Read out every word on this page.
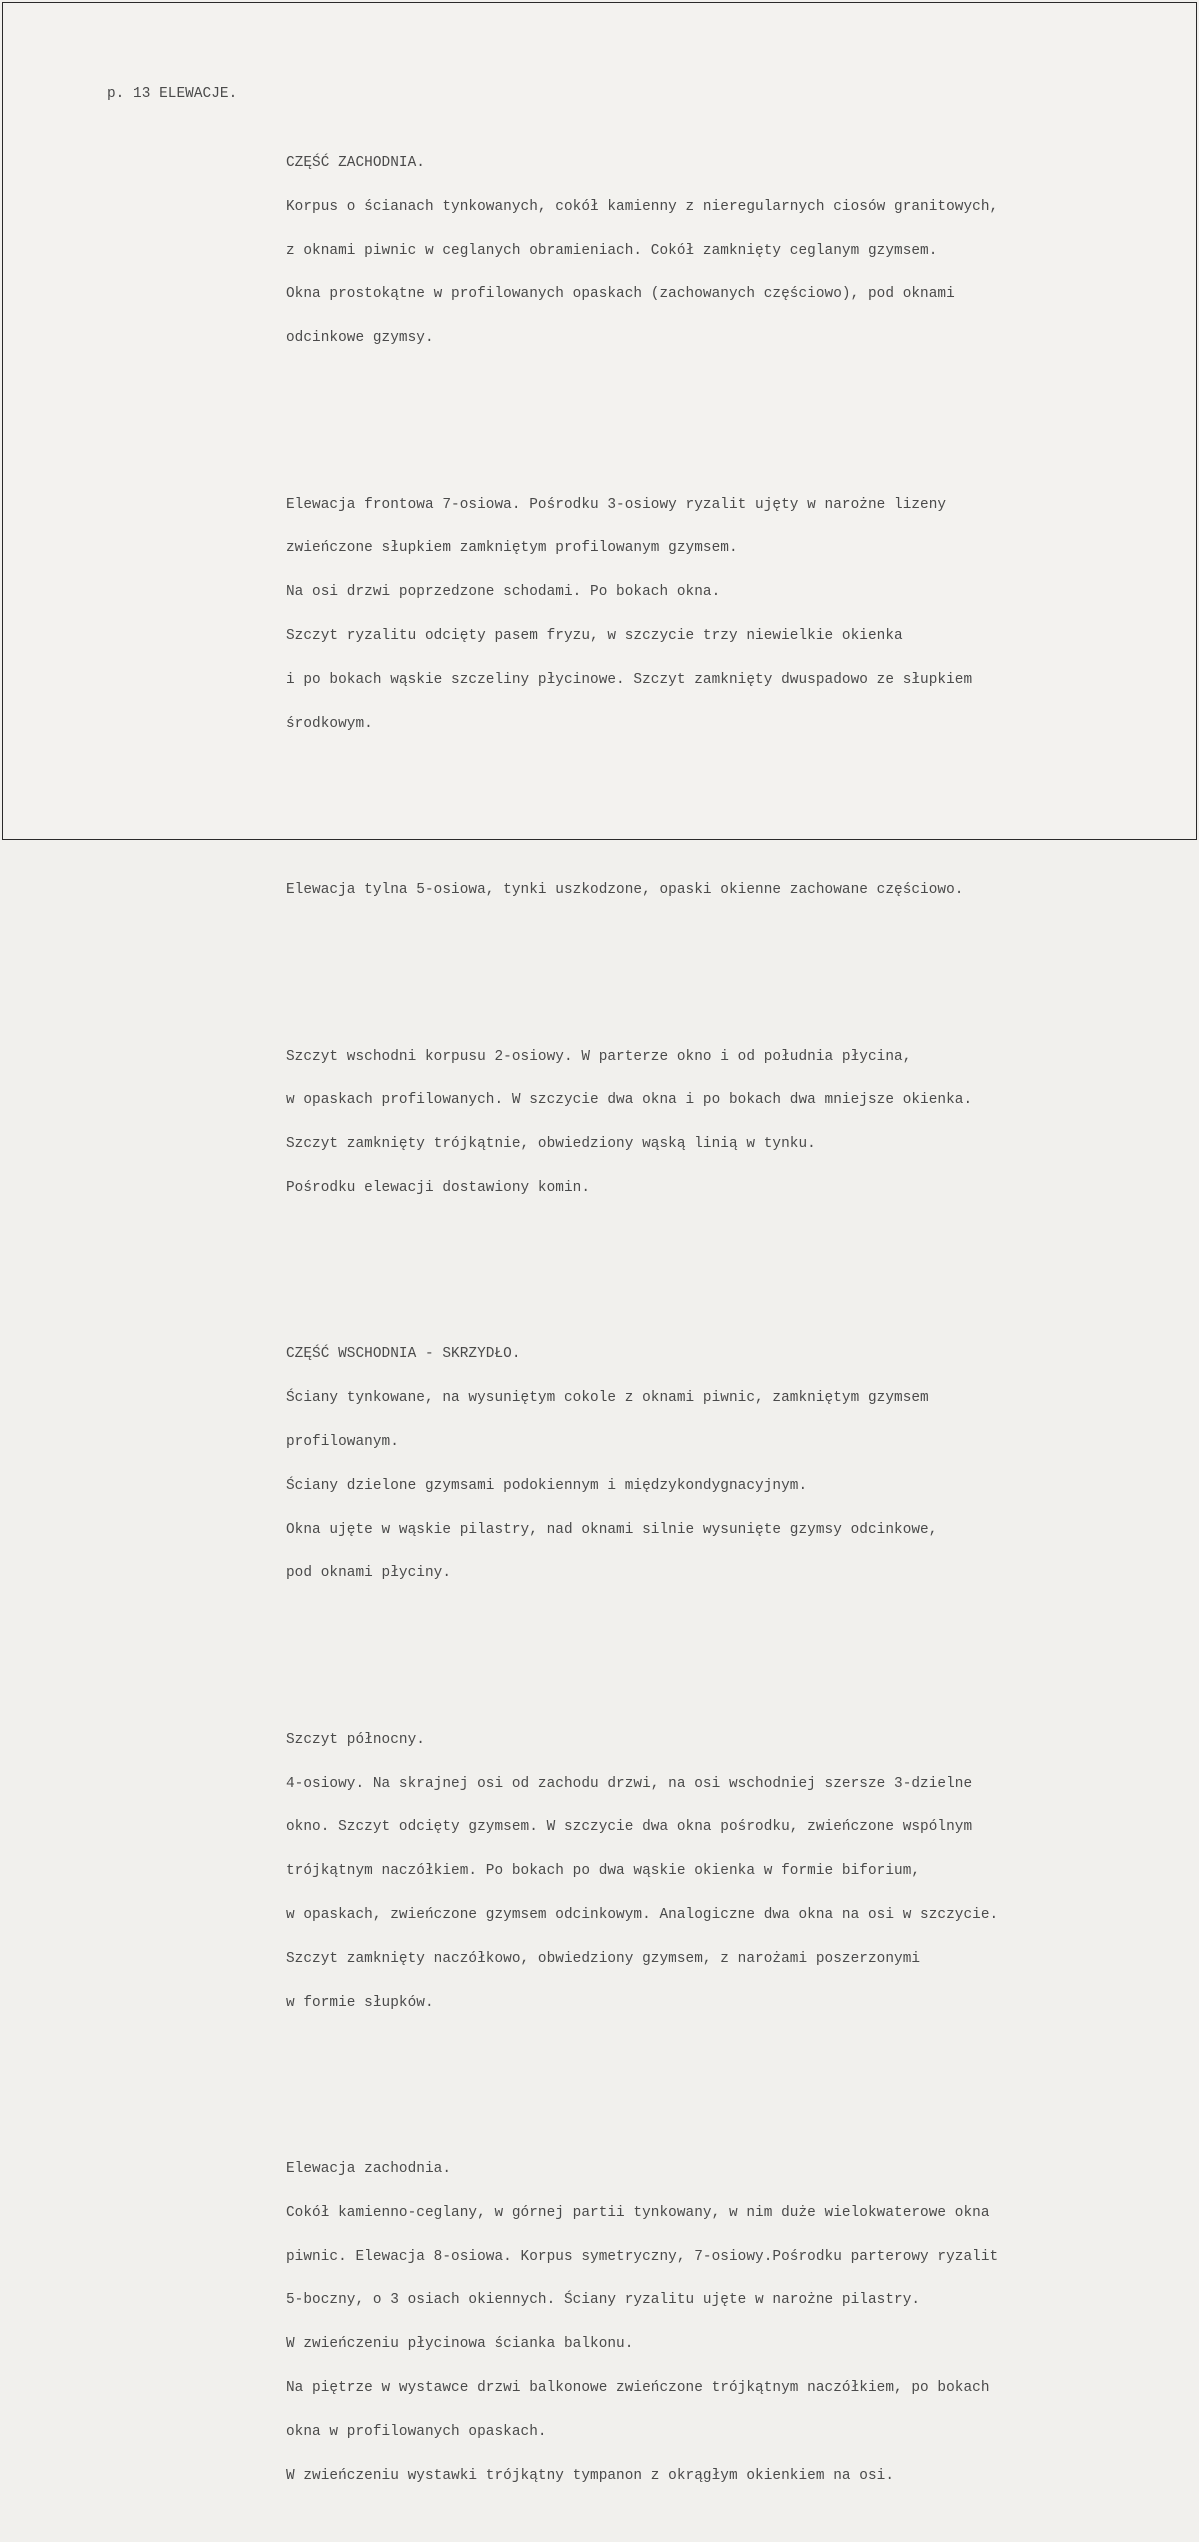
p. 13 ELEWACJE.

CZĘŚĆ ZACHODNIA.

Korpus o ścianach tynkowanych, cokół kamienny z nieregularnych ciosów granitowych,

z oknami piwnic w ceglanych obramieniach. Cokół zamknięty ceglanym gzymsem.

Okna prostokątne w profilowanych opaskach (zachowanych częściowo), pod oknami

odcinkowe gzymsy.

Elewacja frontowa 7-osiowa. Pośrodku 3-osiowy ryzalit ujęty w narożne lizeny

zwieńczone słupkiem zamkniętym profilowanym gzymsem.

Na osi drzwi poprzedzone schodami. Po bokach okna.

Szczyt ryzalitu odcięty pasem fryzu, w szczycie trzy niewielkie okienka

i po bokach wąskie szczeliny płycinowe. Szczyt zamknięty dwuspadowo ze słupkiem

środkowym.

Elewacja tylna 5-osiowa, tynki uszkodzone, opaski okienne zachowane częściowo.

Szczyt wschodni korpusu 2-osiowy. W parterze okno i od południa płycina,

w opaskach profilowanych. W szczycie dwa okna i po bokach dwa mniejsze okienka.

Szczyt zamknięty trójkątnie, obwiedziony wąską linią w tynku.

Pośrodku elewacji dostawiony komin.

CZĘŚĆ WSCHODNIA - SKRZYDŁO.

Ściany tynkowane, na wysuniętym cokole z oknami piwnic, zamkniętym gzymsem

profilowanym.

Ściany dzielone gzymsami podokiennym i międzykondygnacyjnym.

Okna ujęte w wąskie pilastry, nad oknami silnie wysunięte gzymsy odcinkowe,

pod oknami płyciny.

Szczyt północny.

4-osiowy. Na skrajnej osi od zachodu drzwi, na osi wschodniej szersze 3-dzielne

okno. Szczyt odcięty gzymsem. W szczycie dwa okna pośrodku, zwieńczone wspólnym

trójkątnym naczółkiem. Po bokach po dwa wąskie okienka w formie biforium,

w opaskach, zwieńczone gzymsem odcinkowym. Analogiczne dwa okna na osi w szczycie.

Szczyt zamknięty naczółkowo, obwiedziony gzymsem, z narożami poszerzonymi

w formie słupków.

Elewacja zachodnia.

Cokół kamienno-ceglany, w górnej partii tynkowany, w nim duże wielokwaterowe okna

piwnic. Elewacja 8-osiowa. Korpus symetryczny, 7-osiowy.Pośrodku parterowy ryzalit

5-boczny, o 3 osiach okiennych. Ściany ryzalitu ujęte w narożne pilastry.

W zwieńczeniu płycinowa ścianka balkonu.

Na piętrze w wystawce drzwi balkonowe zwieńczone trójkątnym naczółkiem, po bokach

okna w profilowanych opaskach.

W zwieńczeniu wystawki trójkątny tympanon z okrągłym okienkiem na osi.
